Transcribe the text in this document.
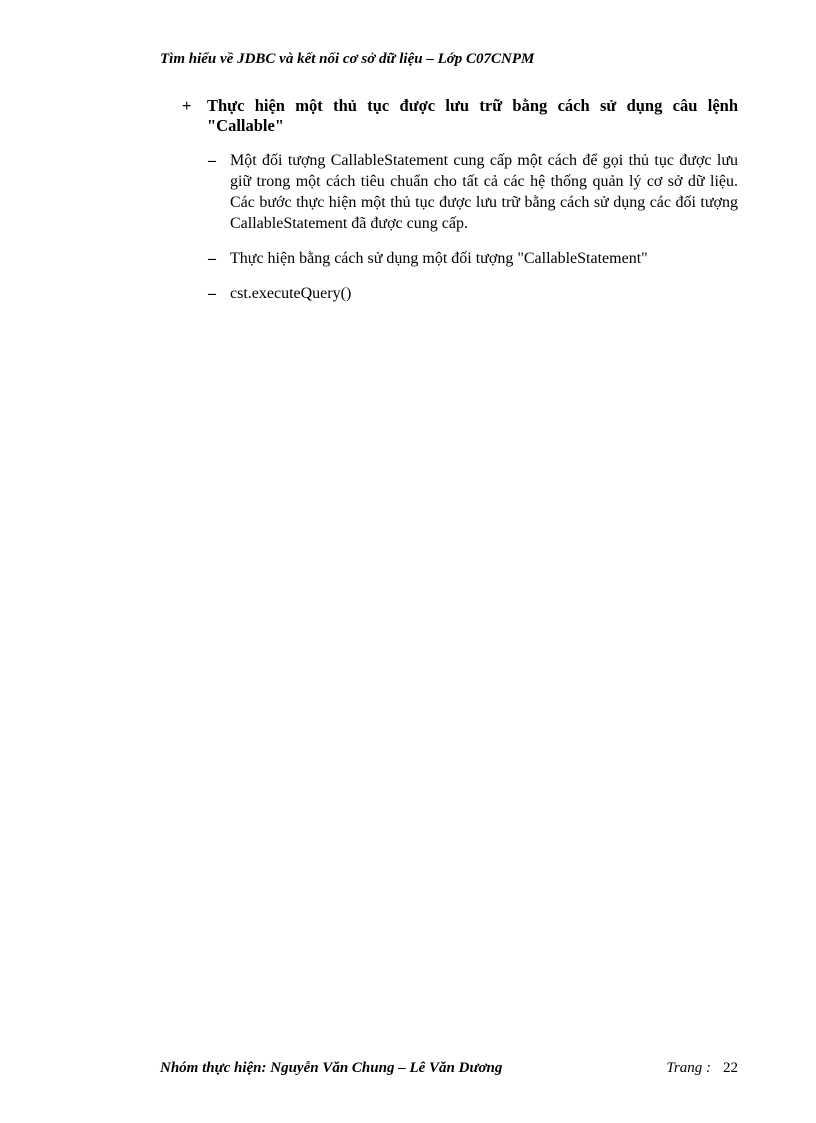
Tìm hiểu về JDBC và kết nối cơ sở dữ liệu – Lớp C07CNPM
+ Thực hiện một thủ tục được lưu trữ bằng cách sử dụng câu lệnh "Callable"
– Một đối tượng CallableStatement cung cấp một cách để gọi thủ tục được lưu giữ trong một cách tiêu chuẩn cho tất cả các hệ thống quản lý cơ sở dữ liệu. Các bước thực hiện một thủ tục được lưu trữ bằng cách sử dụng các đối tượng CallableStatement đã được cung cấp.
– Thực hiện bằng cách sử dụng một đối tượng "CallableStatement"
– cst.executeQuery()
Nhóm thực hiện: Nguyễn Văn Chung – Lê Văn Dương	Trang : 22
